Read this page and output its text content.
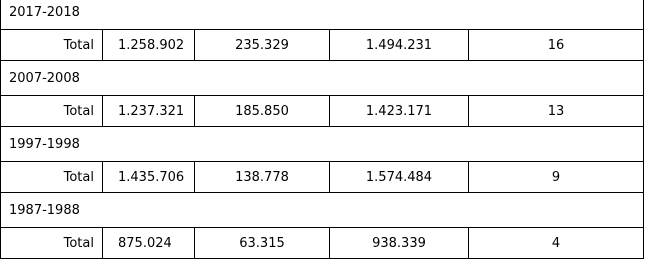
2017-2018				
Total	1.258.902	235.329	1.494.231	16
2007-2008				
Total	1.237.321	185.850	1.423.171	13
1997-1998				
Total	1.435.706	138.778	1.574.484	9
1987-1988				
Total	875.024	63.315	938.339	4
